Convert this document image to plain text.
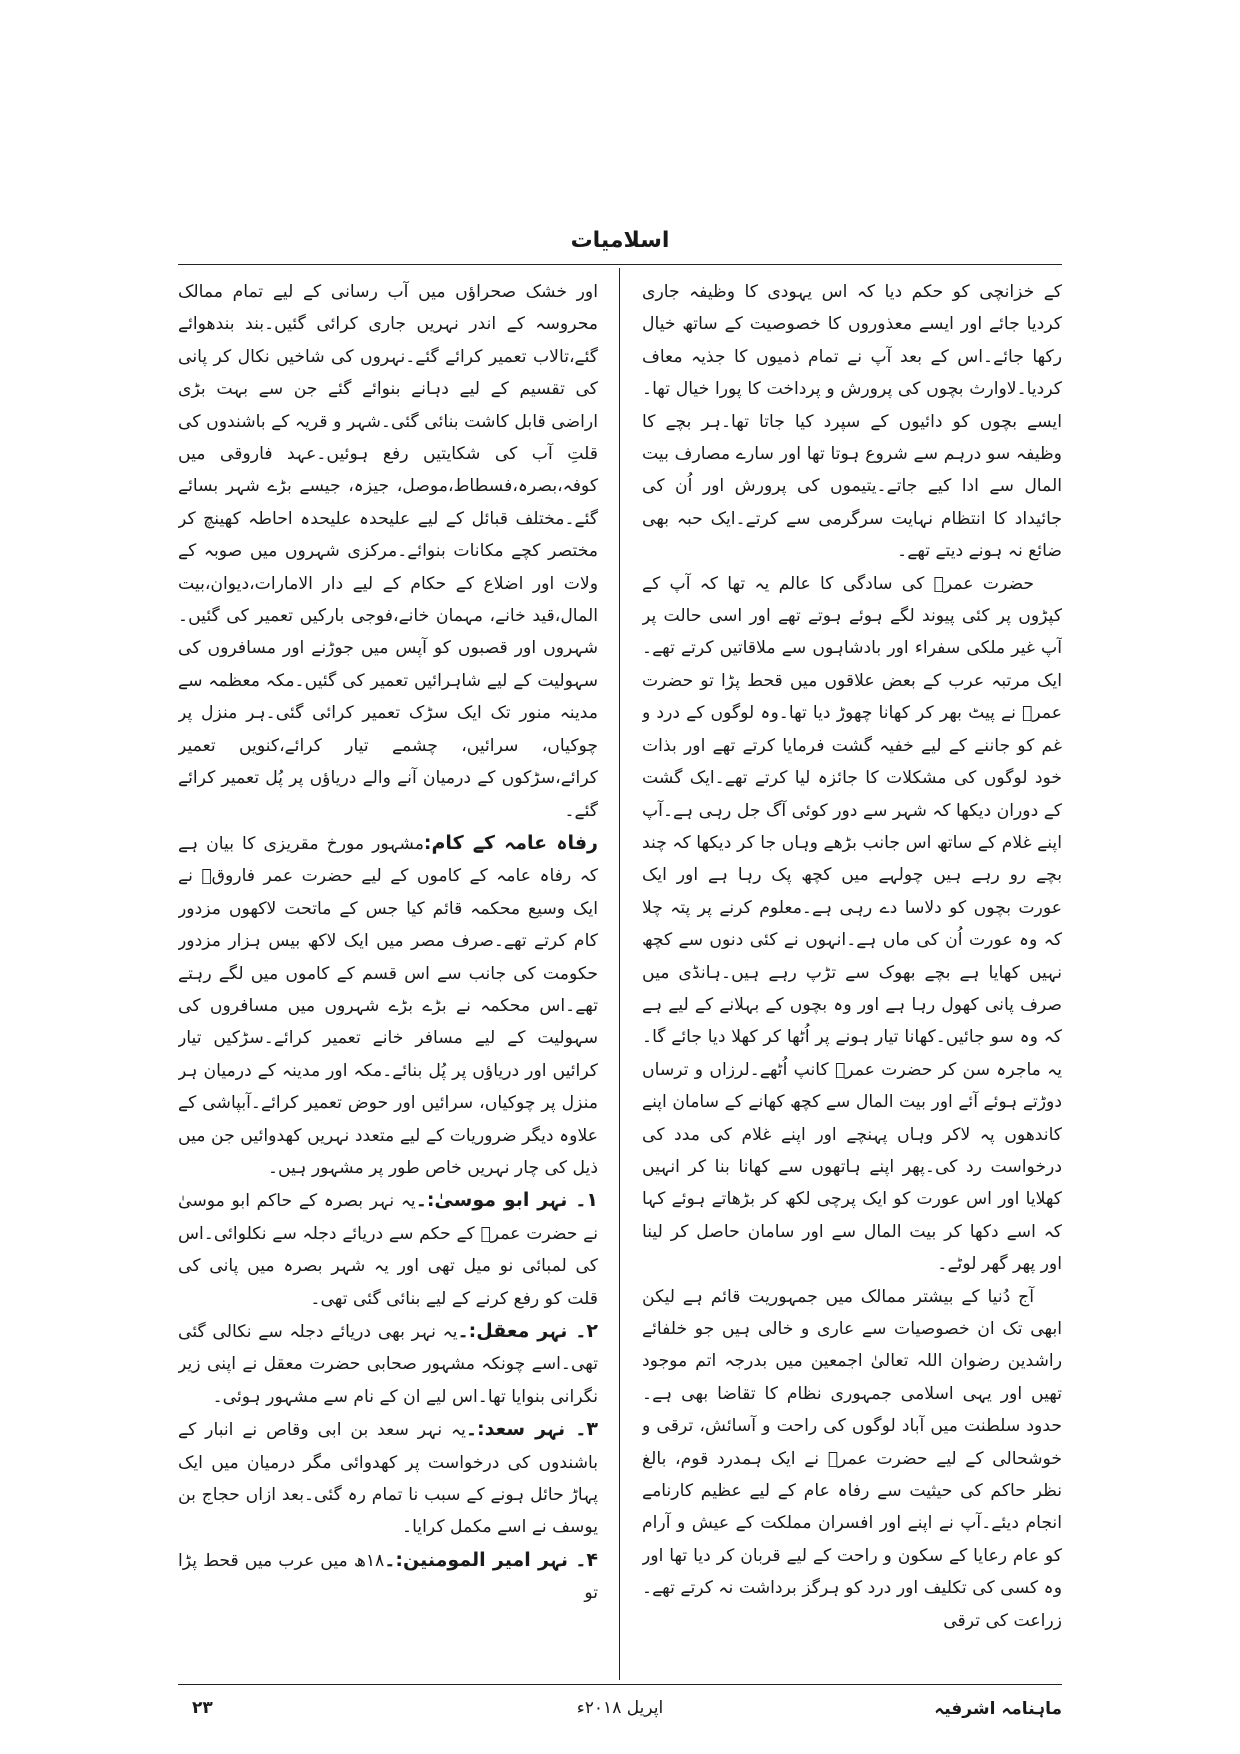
اسلامیات

کے خزانچی کو حکم دیا کہ اس یہودی کا وظیفہ جاری کردیا جائے اور ایسے معذوروں کا خصوصیت کے ساتھ خیال رکھا جائے۔اس کے بعد آپ نے تمام ذمیوں کا جذیہ معاف کردیا۔لاوارث بچوں کی پرورش و پرداخت کا پورا خیال تھا۔ایسے بچوں کو دائیوں کے سپرد کیا جاتا تھا۔ہر بچے کا وظیفہ سو درہم سے شروع ہوتا تھا اور سارے مصارف بیت المال سے ادا کیے جاتے۔یتیموں کی پرورش اور اُن کی جائیداد کا انتظام نہایت سرگرمی سے کرتے۔ایک حبہ بھی ضائع نہ ہونے دیتے تھے۔

حضرت عمرؓ کی سادگی کا عالم یہ تھا کہ آپ کے کپڑوں پر کئی پیوند لگے ہوئے ہوتے تھے اور اسی حالت پر آپ غیر ملکی سفراء اور بادشاہوں سے ملاقاتیں کرتے تھے۔ایک مرتبہ عرب کے بعض علاقوں میں قحط پڑا تو حضرت عمرؓ نے پیٹ بھر کر کھانا چھوڑ دیا تھا۔وہ لوگوں کے درد و غم کو جاننے کے لیے خفیہ گشت فرمایا کرتے تھے اور بذات خود لوگوں کی مشکلات کا جائزہ لیا کرتے تھے۔ایک گشت کے دوران دیکھا کہ شہر سے دور کوئی آگ جل رہی ہے۔آپ اپنے غلام کے ساتھ اس جانب بڑھے وہاں جا کر دیکھا کہ چند بچے رو رہے ہیں چولہے میں کچھ پک رہا ہے اور ایک عورت بچوں کو دلاسا دے رہی ہے۔معلوم کرنے پر پتہ چلا کہ وہ عورت اُن کی ماں ہے۔انہوں نے کئی دنوں سے کچھ نہیں کھایا ہے بچے بھوک سے تڑپ رہے ہیں۔ہانڈی میں صرف پانی کھول رہا ہے اور وہ بچوں کے بہلانے کے لیے ہے کہ وہ سو جائیں۔کھانا تیار ہونے پر اُٹھا کر کھلا دیا جائے گا۔یہ ماجرہ سن کر حضرت عمرؓ کانپ اُٹھے۔لرزاں و ترساں دوڑتے ہوئے آئے اور بیت المال سے کچھ کھانے کے سامان اپنے کاندھوں پہ لاکر وہاں پہنچے اور اپنے غلام کی مدد کی درخواست رد کی۔پھر اپنے ہاتھوں سے کھانا بنا کر انہیں کھلایا اور اس عورت کو ایک پرچی لکھ کر بڑھاتے ہوئے کہا کہ اسے دکھا کر بیت المال سے اور سامان حاصل کر لینا اور پھر گھر لوٹے۔

آج دُنیا کے بیشتر ممالک میں جمہوریت قائم ہے لیکن ابھی تک ان خصوصیات سے عاری و خالی ہیں جو خلفائے راشدین رضوان اللہ تعالیٰ اجمعین میں بدرجہ اتم موجود تھیں اور یہی اسلامی جمہوری نظام کا تقاضا بھی ہے۔حدود سلطنت میں آباد لوگوں کی راحت و آسائش، ترقی و خوشحالی کے لیے حضرت عمرؓ نے ایک ہمدرد قوم، بالغ نظر حاکم کی حیثیت سے رفاہ عام کے لیے عظیم کارنامے انجام دیئے۔آپ نے اپنے اور افسران مملکت کے عیش و آرام کو عام رعایا کے سکون و راحت کے لیے قربان کر دیا تھا اور وہ کسی کی تکلیف اور درد کو ہرگز برداشت نہ کرتے تھے۔زراعت کی ترقی

اور خشک صحراؤں میں آب رسانی کے لیے تمام ممالک محروسہ کے اندر نہریں جاری کرائی گئیں۔بند بندھوائے گئے،تالاب تعمیر کرائے گئے۔نہروں کی شاخیں نکال کر پانی کی تقسیم کے لیے دہانے بنوائے گئے جن سے بہت بڑی اراضی قابل کاشت بنائی گئی۔شہر و قریہ کے باشندوں کی قلتِ آب کی شکایتیں رفع ہوئیں۔عہد فاروقی میں کوفہ،بصرہ،فسطاط،موصل، جیزہ، جیسے بڑے شہر بسائے گئے۔مختلف قبائل کے لیے علیحدہ علیحدہ احاطہ کھینچ کر مختصر کچے مکانات بنوائے۔مرکزی شہروں میں صوبہ کے ولات اور اضلاع کے حکام کے لیے دار الامارات،دیوان،بیت المال،قید خانے، مہمان خانے،فوجی بارکیں تعمیر کی گئیں۔شہروں اور قصبوں کو آپس میں جوڑنے اور مسافروں کی سہولیت کے لیے شاہرائیں تعمیر کی گئیں۔مکہ معظمہ سے مدینہ منور تک ایک سڑک تعمیر کرائی گئی۔ہر منزل پر چوکیاں، سرائیں، چشمے تیار کرائے،کنویں تعمیر کرائے،سڑکوں کے درمیان آنے والے دریاؤں پر پُل تعمیر کرائے گئے۔

رفاہ عامہ کے کام:مشہور مورخ مقریزی کا بیان ہے کہ رفاہ عامہ کے کاموں کے لیے حضرت عمر فاروقؓ نے ایک وسیع محکمہ قائم کیا جس کے ماتحت لاکھوں مزدور کام کرتے تھے۔صرف مصر میں ایک لاکھ بیس ہزار مزدور حکومت کی جانب سے اس قسم کے کاموں میں لگے رہتے تھے۔اس محکمہ نے بڑے بڑے شہروں میں مسافروں کی سہولیت کے لیے مسافر خانے تعمیر کرائے۔سڑکیں تیار کرائیں اور دریاؤں پر پُل بنائے۔مکہ اور مدینہ کے درمیان ہر منزل پر چوکیاں، سرائیں اور حوض تعمیر کرائے۔آبپاشی کے علاوہ دیگر ضروریات کے لیے متعدد نہریں کھدوائیں جن میں ذیل کی چار نہریں خاص طور پر مشہور ہیں۔

۱۔ نہر ابو موسیٰ:۔یہ نہر بصرہ کے حاکم ابو موسیٰ نے حضرت عمرؓ کے حکم سے دریائے دجلہ سے نکلوائی۔اس کی لمبائی نو میل تھی اور یہ شہر بصرہ میں پانی کی قلت کو رفع کرنے کے لیے بنائی گئی تھی۔

۲۔ نہر معقل:۔یہ نہر بھی دریائے دجلہ سے نکالی گئی تھی۔اسے چونکہ مشہور صحابی حضرت معقل نے اپنی زیر نگرانی بنوایا تھا۔اس لیے ان کے نام سے مشہور ہوئی۔

۳۔ نہر سعد:۔یہ نہر سعد بن ابی وقاص نے انبار کے باشندوں کی درخواست پر کھدوائی مگر درمیان میں ایک پہاڑ حائل ہونے کے سبب نا تمام رہ گئی۔بعد ازاں حجاج بن یوسف نے اسے مکمل کرایا۔

۴۔ نہر امیر المومنین:۔۱۸ھ میں عرب میں قحط پڑا تو

ماہنامہ اشرفیہ
اپریل ۲۰۱۸ء
۲۳
